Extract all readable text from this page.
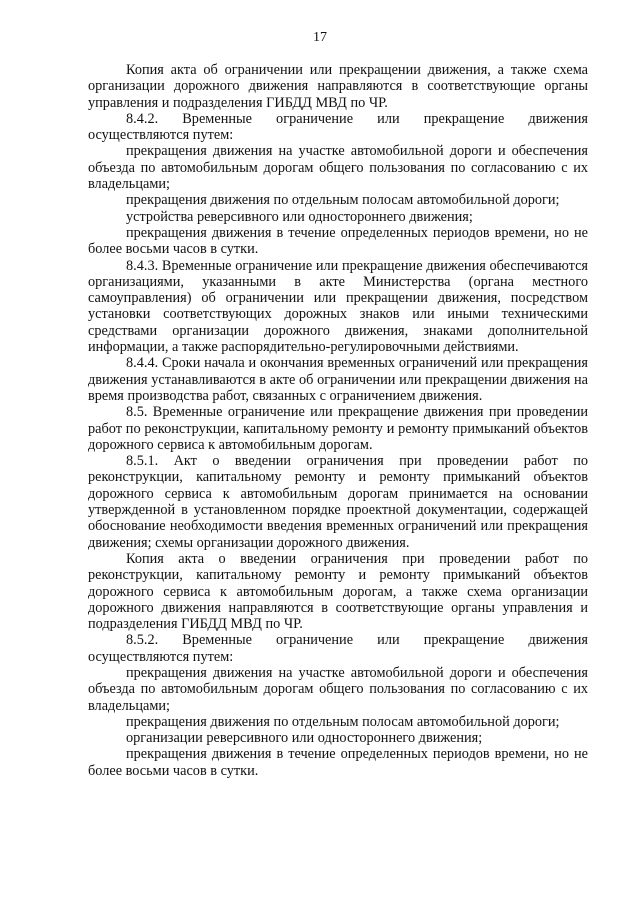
17

Копия акта об ограничении или прекращении движения, а также схема организации дорожного движения направляются в соответствующие органы управления и подразделения ГИБДД МВД по ЧР.

8.4.2. Временные ограничение или прекращение движения осуществляются путем:

прекращения движения на участке автомобильной дороги и обеспечения объезда по автомобильным дорогам общего пользования по согласованию с их владельцами;

прекращения движения по отдельным полосам автомобильной дороги;

устройства реверсивного или одностороннего движения;

прекращения движения в течение определенных периодов времени, но не более восьми часов в сутки.

8.4.3. Временные ограничение или прекращение движения обеспечиваются организациями, указанными в акте Министерства (органа местного самоуправления) об ограничении или прекращении движения, посредством установки соответствующих дорожных знаков или иными техническими средствами организации дорожного движения, знаками дополнительной информации, а также распорядительно-регулировочными действиями.

8.4.4. Сроки начала и окончания временных ограничений или прекращения движения устанавливаются в акте об ограничении или прекращении движения на время производства работ, связанных с ограничением движения.

8.5. Временные ограничение или прекращение движения при проведении работ по реконструкции, капитальному ремонту и ремонту примыканий объектов дорожного сервиса к автомобильным дорогам.

8.5.1. Акт о введении ограничения при проведении работ по реконструкции, капитальному ремонту и ремонту примыканий объектов дорожного сервиса к автомобильным дорогам принимается на основании утвержденной в установленном порядке проектной документации, содержащей обоснование необходимости введения временных ограничений или прекращения движения; схемы организации дорожного движения.

Копия акта о введении ограничения при проведении работ по реконструкции, капитальному ремонту и ремонту примыканий объектов дорожного сервиса к автомобильным дорогам, а также схема организации дорожного движения направляются в соответствующие органы управления и подразделения ГИБДД МВД по ЧР.

8.5.2. Временные ограничение или прекращение движения осуществляются путем:

прекращения движения на участке автомобильной дороги и обеспечения объезда по автомобильным дорогам общего пользования по согласованию с их владельцами;

прекращения движения по отдельным полосам автомобильной дороги;

организации реверсивного или одностороннего движения;

прекращения движения в течение определенных периодов времени, но не более восьми часов в сутки.
